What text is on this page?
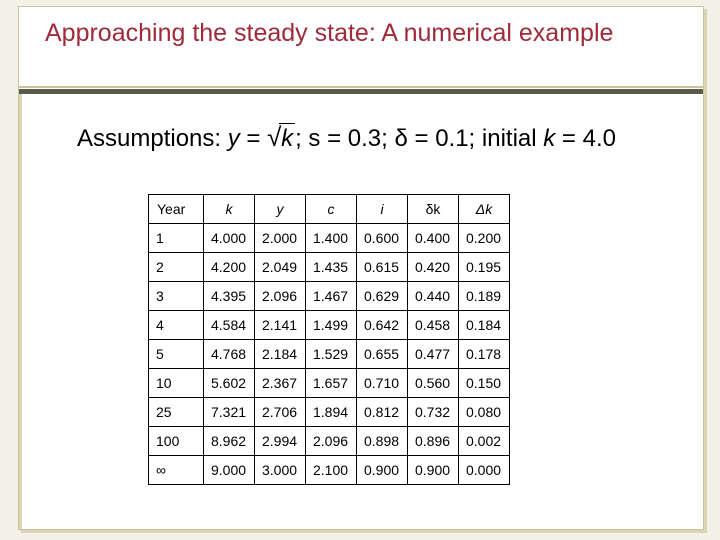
Approaching the steady state: A numerical example
Assumptions: y = √ k; s = 0.3; δ = 0.1; initial k = 4.0
Year	k	y	c	i	δk	Δk
1	4.000	2.000	1.400	0.600	0.400	0.200
2	4.200	2.049	1.435	0.615	0.420	0.195
3	4.395	2.096	1.467	0.629	0.440	0.189
4	4.584	2.141	1.499	0.642	0.458	0.184
5	4.768	2.184	1.529	0.655	0.477	0.178
10	5.602	2.367	1.657	0.710	0.560	0.150
25	7.321	2.706	1.894	0.812	0.732	0.080
100	8.962	2.994	2.096	0.898	0.896	0.002
∞	9.000	3.000	2.100	0.900	0.900	0.000
